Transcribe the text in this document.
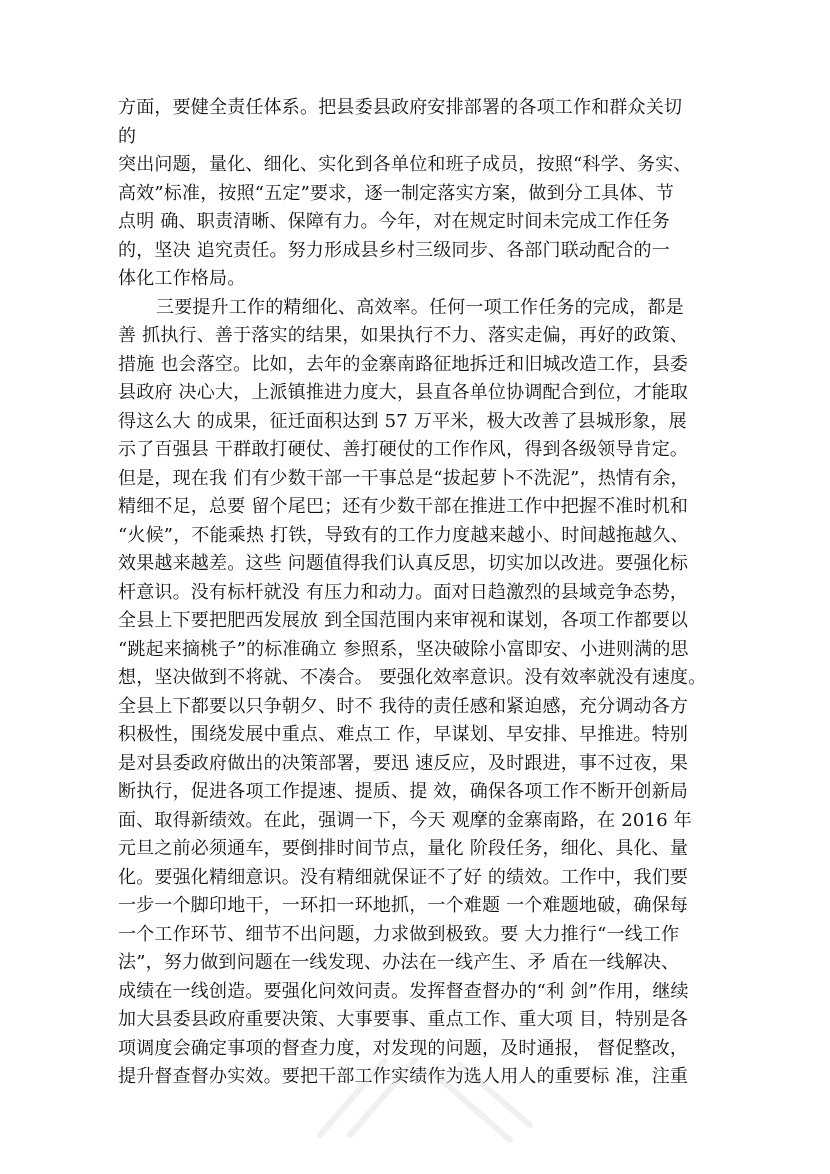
方面，要健全责任体系。把县委县政府安排部署的各项工作和群众关切
的
突出问题，量化、细化、实化到各单位和班子成员，按照“科学、务实、
高效”标准，按照“五定”要求，逐一制定落实方案，做到分工具体、节
点明 确、职责清晰、保障有力。今年，对在规定时间未完成工作任务
的，坚决 追究责任。努力形成县乡村三级同步、各部门联动配合的一
体化工作格局。
三要提升工作的精细化、高效率。任何一项工作任务的完成，都是
善 抓执行、善于落实的结果，如果执行不力、落实走偏，再好的政策、
措施 也会落空。比如，去年的金寨南路征地拆迁和旧城改造工作，县委
县政府 决心大，上派镇推进力度大，县直各单位协调配合到位，才能取
得这么大 的成果，征迁面积达到 57 万平米，极大改善了县城形象，展
示了百强县 干群敢打硬仗、善打硬仗的工作作风，得到各级领导肯定。
但是，现在我 们有少数干部一干事总是“拔起萝卜不洗泥”，热情有余，
精细不足，总要 留个尾巴；还有少数干部在推进工作中把握不准时机和
“火候”，不能乘热 打铁，导致有的工作力度越来越小、时间越拖越久、
效果越来越差。这些 问题值得我们认真反思，切实加以改进。要强化标
杆意识。没有标杆就没 有压力和动力。面对日趋激烈的县域竞争态势，
全县上下要把肥西发展放 到全国范围内来审视和谋划，各项工作都要以
“跳起来摘桃子”的标准确立 参照系，坚决破除小富即安、小进则满的思
想，坚决做到不将就、不凑合。 要强化效率意识。没有效率就没有速度。
全县上下都要以只争朝夕、时不 我待的责任感和紧迫感，充分调动各方
积极性，围绕发展中重点、难点工 作，早谋划、早安排、早推进。特别
是对县委政府做出的决策部署，要迅 速反应，及时跟进，事不过夜，果
断执行，促进各项工作提速、提质、提 效，确保各项工作不断开创新局
面、取得新绩效。在此，强调一下，今天 观摩的金寨南路，在 2016 年
元旦之前必须通车，要倒排时间节点，量化 阶段任务，细化、具化、量
化。要强化精细意识。没有精细就保证不了好 的绩效。工作中，我们要
一步一个脚印地干，一环扣一环地抓，一个难题 一个难题地破，确保每
一个工作环节、细节不出问题，力求做到极致。要 大力推行“一线工作
法”，努力做到问题在一线发现、办法在一线产生、矛 盾在一线解决、
成绩在一线创造。要强化问效问责。发挥督查督办的“利 剑”作用，继续
加大县委县政府重要决策、大事要事、重点工作、重大项 目，特别是各
项调度会确定事项的督查力度，对发现的问题，及时通报， 督促整改，
提升督查督办实效。要把干部工作实绩作为选人用人的重要标 准，注重
